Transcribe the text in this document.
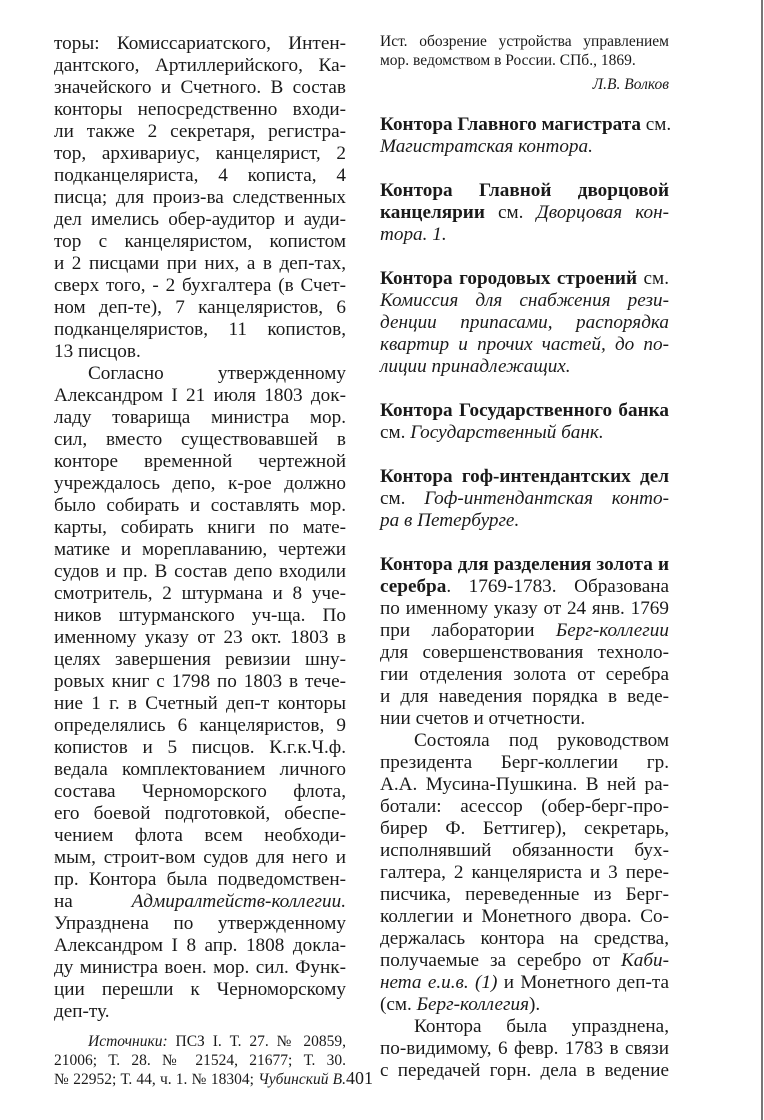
торы: Комиссариатского, Интен-
дантского, Артиллерийского, Ка-
значейского и Счетного. В состав
конторы непосредственно входи-
ли также 2 секретаря, регистра-
тор, архивариус, канцелярист, 2
подканцеляриста, 4 кописта, 4
писца; для произ-ва следственных
дел имелись обер-аудитор и ауди-
тор с канцеляристом, копистом
и 2 писцами при них, а в деп-тах,
сверх того, - 2 бухгалтера (в Счет-
ном деп-те), 7 канцеляристов, 6
подканцеляристов, 11 копистов,
13 писцов.
Согласно утвержденному
Александром I 21 июля 1803 док-
ладу товарища министра мор.
сил, вместо существовавшей в
конторе временной чертежной
учреждалось депо, к-рое должно
было собирать и составлять мор.
карты, собирать книги по мате-
матике и мореплаванию, чертежи
судов и пр. В состав депо входили
смотритель, 2 штурмана и 8 уче-
ников штурманского уч-ща. По
именному указу от 23 окт. 1803 в
целях завершения ревизии шну-
ровых книг с 1798 по 1803 в тече-
ние 1 г. в Счетный деп-т конторы
определялись 6 канцеляристов, 9
копистов и 5 писцов. К.г.к.Ч.ф.
ведала комплектованием личного
состава Черноморского флота,
его боевой подготовкой, обеспе-
чением флота всем необходи-
мым, строит-вом судов для него и
пр. Контора была подведомствен-
на	Адмиралтейств-коллегии.
Упразднена по утвержденному
Александром I 8 апр. 1808 докла-
ду министра воен. мор. сил. Функ-
ции перешли к Черноморскому
деп-ту.
Источники: ПСЗ I. Т. 27. № 20859,
21006; Т. 28. № 21524, 21677; Т. 30.
№ 22952; Т. 44, ч. 1. № 18304; Чубинский В.
Ист. обозрение устройства управлением
мор. ведомством в России. СПб., 1869.
Л.В. Волков
Контора Главного магистрата см.
Магистратская контора.
Контора Главной дворцовой
канцелярии см. Дворцовая кон-
тора. 1.
Контора городовых строений см.
Комиссия для снабжения рези-
денции припасами, распорядка
квартир и прочих частей, до по-
лиции принадлежащих.
Контора Государственного банка
см. Государственный банк.
Контора гоф-интендантских дел
см. Гоф-интендантская конто-
ра в Петербурге.
Контора для разделения золота и
серебра. 1769-1783. Образована
по именному указу от 24 янв. 1769
при лаборатории Берг-коллегии
для совершенствования техноло-
гии отделения золота от серебра
и для наведения порядка в веде-
нии счетов и отчетности.
Состояла под руководством
президента Берг-коллегии гр.
А.А. Мусина-Пушкина. В ней ра-
ботали: асессор (обер-берг-про-
бирер Ф. Беттигер), секретарь,
исполнявший обязанности бух-
галтера, 2 канцеляриста и 3 пере-
писчика, переведенные из Берг-
коллегии и Монетного двора. Со-
держалась контора на средства,
получаемые за серебро от Каби-
нета е.и.в. (1) и Монетного деп-та
(см. Берг-коллегия).
Контора была упразднена,
по-видимому, 6 февр. 1783 в связи
с передачей горн. дела в ведение
401
